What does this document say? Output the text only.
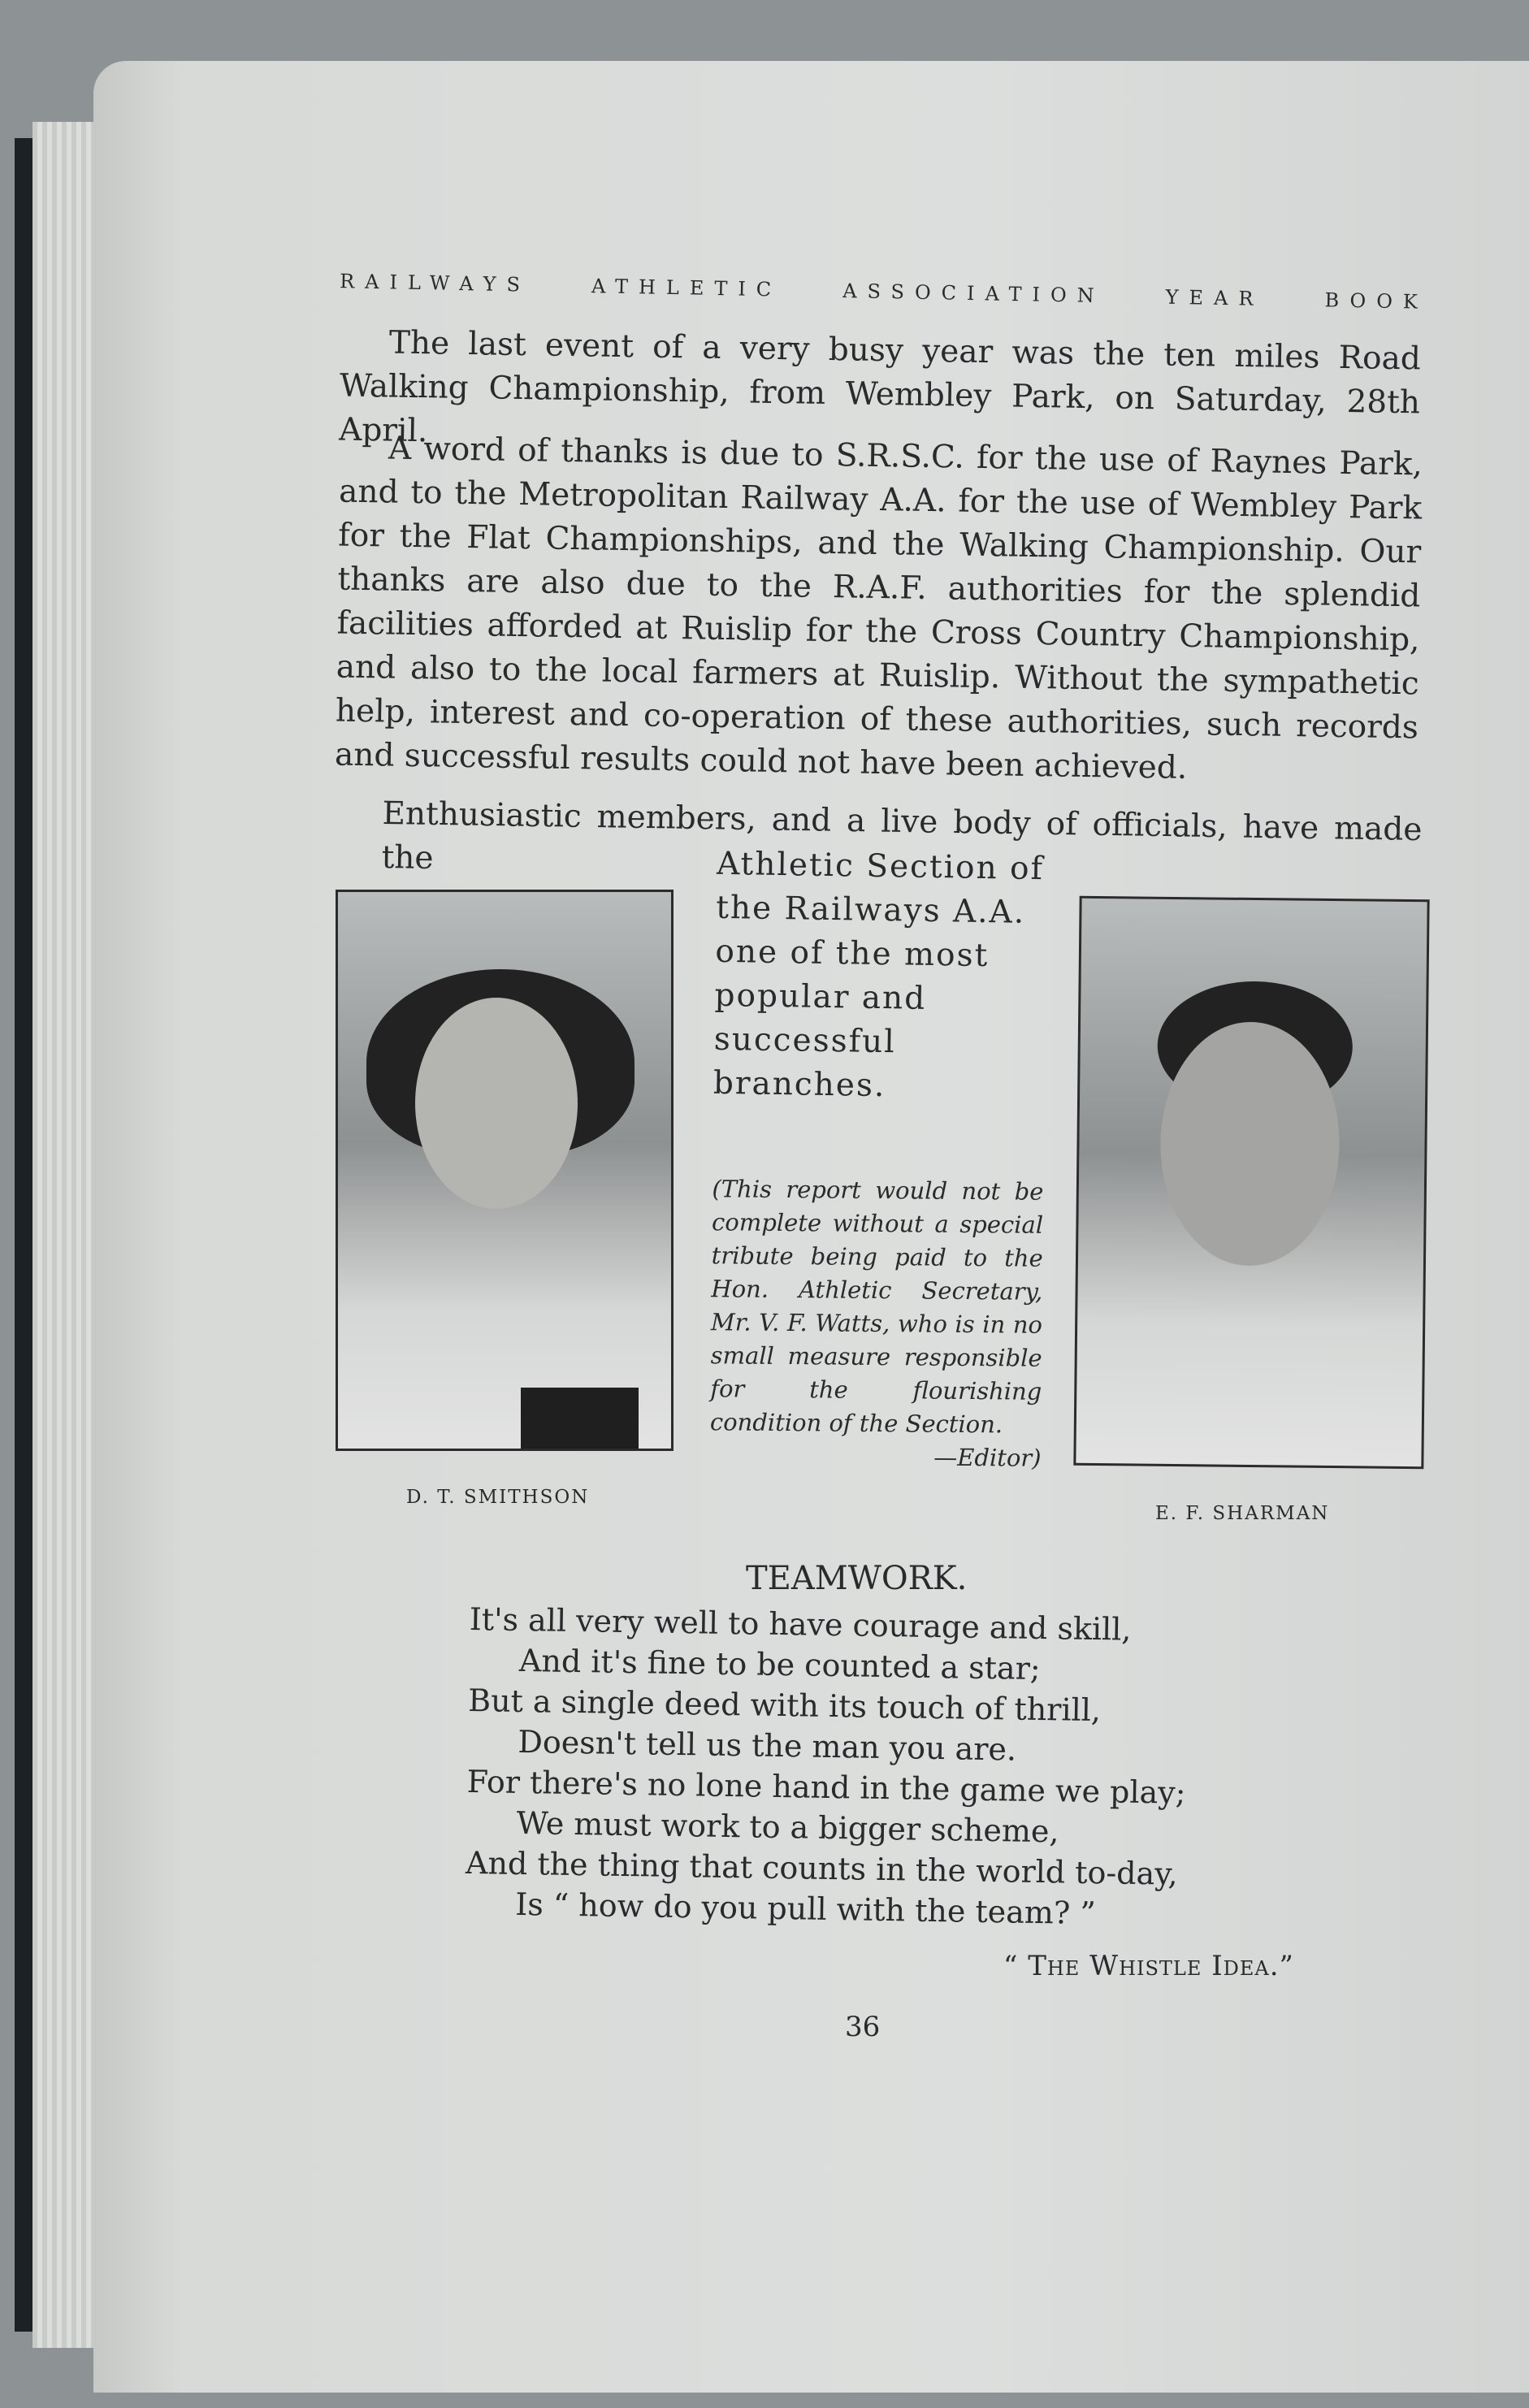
RAILWAYS	ATHLETIC	ASSOCIATION	YEAR	BOOK
The last event of a very busy year was the ten miles Road Walking Championship, from Wembley Park, on Saturday, 28th April.
A word of thanks is due to S.R.S.C. for the use of Raynes Park, and to the Metropolitan Railway A.A. for the use of Wembley Park for the Flat Championships, and the Walking Championship. Our thanks are also due to the R.A.F. authorities for the splendid facilities afforded at Ruislip for the Cross Country Championship, and also to the local farmers at Ruislip. Without the sympathetic help, interest and co-operation of these authorities, such records and successful results could not have been achieved.
Enthusiastic members, and a live body of officials, have made the	Athletic Section of the Railways A.A. one of the most popular and successful branches.
(This report would not be complete without a special tribute being paid to the Hon. Athletic Secretary, Mr. V. F. Watts, who is in no small measure responsible for the flourishing condition of the Section.
—Editor)
D. T. SMITHSON
E. F. SHARMAN
TEAMWORK.
It's all very well to have courage and skill,
And it's fine to be counted a star;
But a single deed with its touch of thrill,
Doesn't tell us the man you are.
For there's no lone hand in the game we play;
We must work to a bigger scheme,
And the thing that counts in the world to-day,
Is “ how do you pull with the team? ”
“ The Whistle Idea.”
36
